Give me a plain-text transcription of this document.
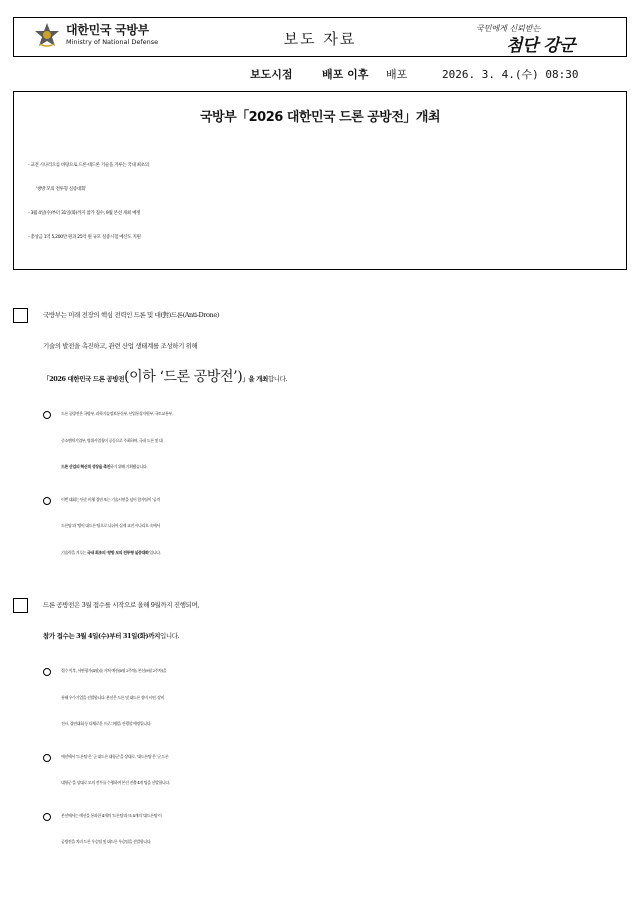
대한민국 국방부
Ministry of National Defense	보도 자료
국민에게 신뢰받는
첨단 강군
보도시점	배포 이후	배포	2026. 3. 4.(수) 08:30
국방부「2026 대한민국 드론 공방전」개최
- 교전 시나리오를 바탕으로 드론·대드론 기술을 겨루는 국내 최초의
‘쌍방 모의 전투형 실증대회’
- 3월 4일(수)부터 31일(화)까지 참가 접수, 9월 본선 개최 예정
- 총상금 1억 5,200만 원과 25억 원 규모 실증시험 예산도 지원
국방부는 미래 전장의 핵심 전력인 드론 및 대(對)드론(Anti-Drone)
기술의 발전을 촉진하고, 관련 산업 생태계를 조성하기 위해
「2026 대한민국 드론 공방전(이하 ‘드론 공방전’)」을 개최합니다.
드론 공방전은 국방부, 과학기술정보통신부, 산업통상자원부, 국토교통부,
중소벤처기업부, 방위사업청이 공동으로 주최하며, 국내 드론 및 대
드론 산업의 혁신적 성장을 촉진하기 위해 기획됐습니다.
이번 대회는 단순 비행 경연 또는 기술시연을 넘어 참가팀이 ‘공격
드론팀’과 ‘방어 대드론’팀으로 나뉘어 실제 교전 시나리오 속에서
기술력을 겨루는 국내 최초의 ‘쌍방 모의 전투형 실증대회’입니다.
드론 공방전은 3월 접수를 시작으로 올해 9월까지 진행되며,
참가 접수는 3월 4일(수)부터 31일(화)까지입니다.
접수 이후, 서면평가(4월)를 거쳐 예선(6월 2주차), 본선(9월 2주차)을
통해 우수기업을 선발합니다. 본선은 드론 및 대드론 장비 시연, 장비
전시, 경연대회 등 다채로운 프로그램을 진행할 예정입니다.
예선에서 ‘드론팀’은 ‘군 대드론 대항군’을 상대로, ‘대드론팀’은 ‘군 드론
대항군’을 상대로 모의 전투를 수행하여 본선 진출 4개 팀을 선발합니다.
본선에서는 예선을 통과한 4개의 ‘드론팀’과 또 4개의 ‘대드론팀’이
공방전을 치러 드론 우승팀 및 대드론 우승팀을 선발합니다.
